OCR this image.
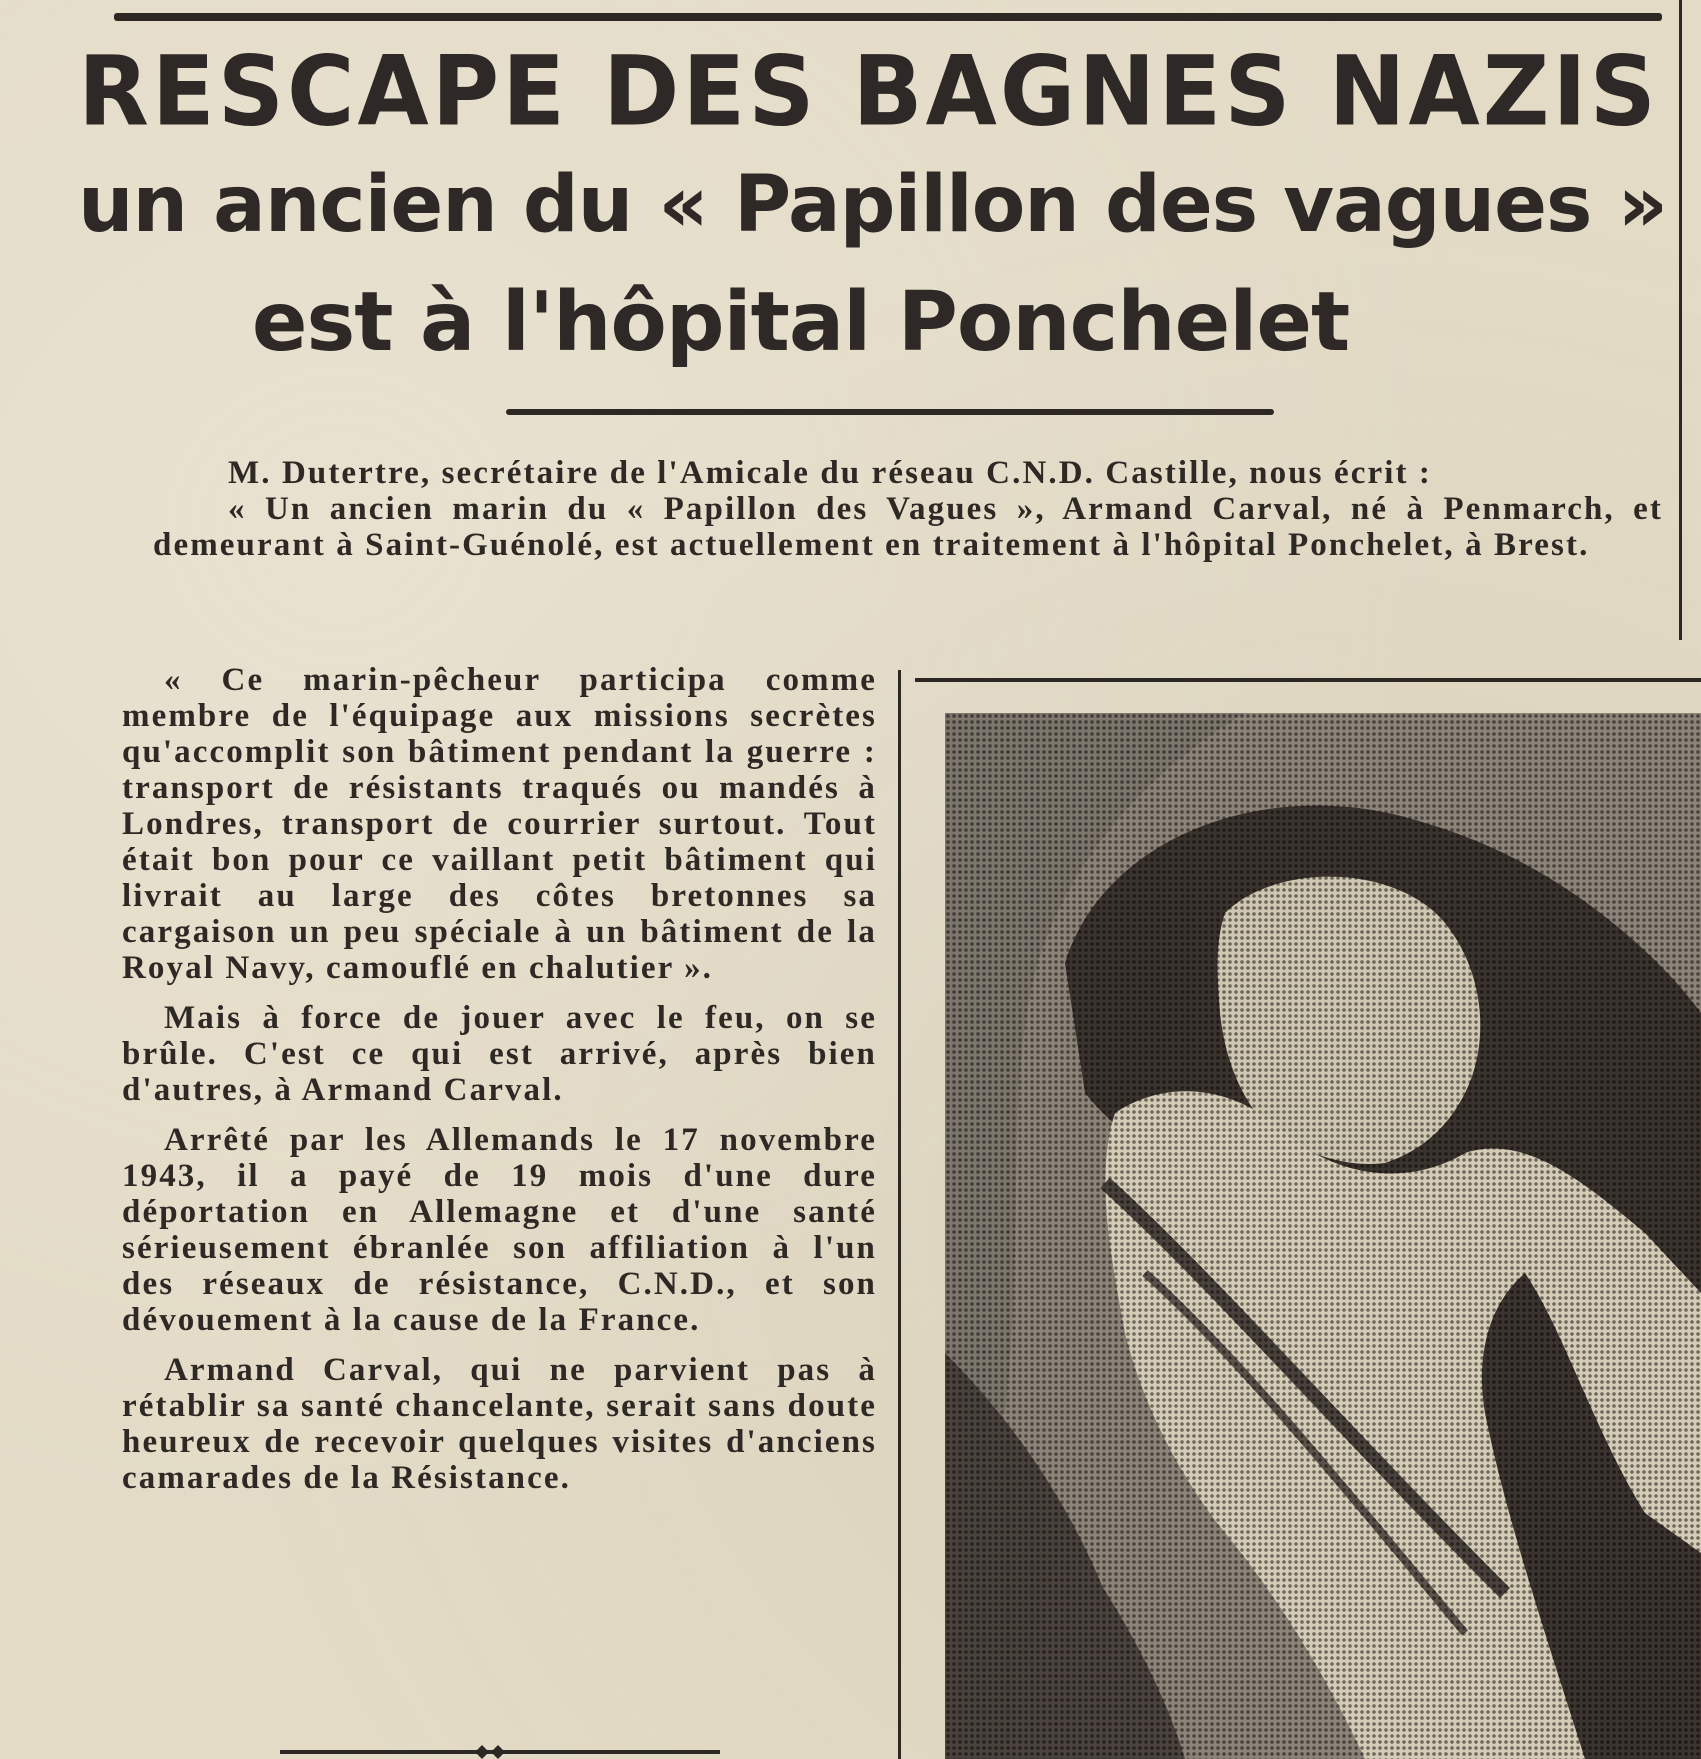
RESCAPE DES BAGNES NAZIS
un ancien du « Papillon des vagues »
est à l'hôpital Ponchelet

M. Dutertre, secrétaire de l'Amicale du réseau C.N.D. Castille, nous écrit :

« Un ancien marin du « Papillon des Vagues », Armand Carval, né à Penmarch, et demeurant à Saint-Guénolé, est actuellement en traitement à l'hôpital Ponchelet, à Brest.

« Ce marin-pêcheur participa comme membre de l'équipage aux missions secrètes qu'accomplit son bâtiment pendant la guerre : transport de résistants traqués ou mandés à Londres, transport de courrier surtout. Tout était bon pour ce vaillant petit bâtiment qui livrait au large des côtes bretonnes sa cargaison un peu spéciale à un bâtiment de la Royal Navy, camouflé en chalutier ».

Mais à force de jouer avec le feu, on se brûle. C'est ce qui est arrivé, après bien d'autres, à Armand Carval.

Arrêté par les Allemands le 17 novembre 1943, il a payé de 19 mois d'une dure déportation en Allemagne et d'une santé sérieusement ébranlée son affiliation à l'un des réseaux de résistance, C.N.D., et son dévouement à la cause de la France.

Armand Carval, qui ne parvient pas à rétablir sa santé chancelante, serait sans doute heureux de recevoir quelques visites d'anciens camarades de la Résistance.
